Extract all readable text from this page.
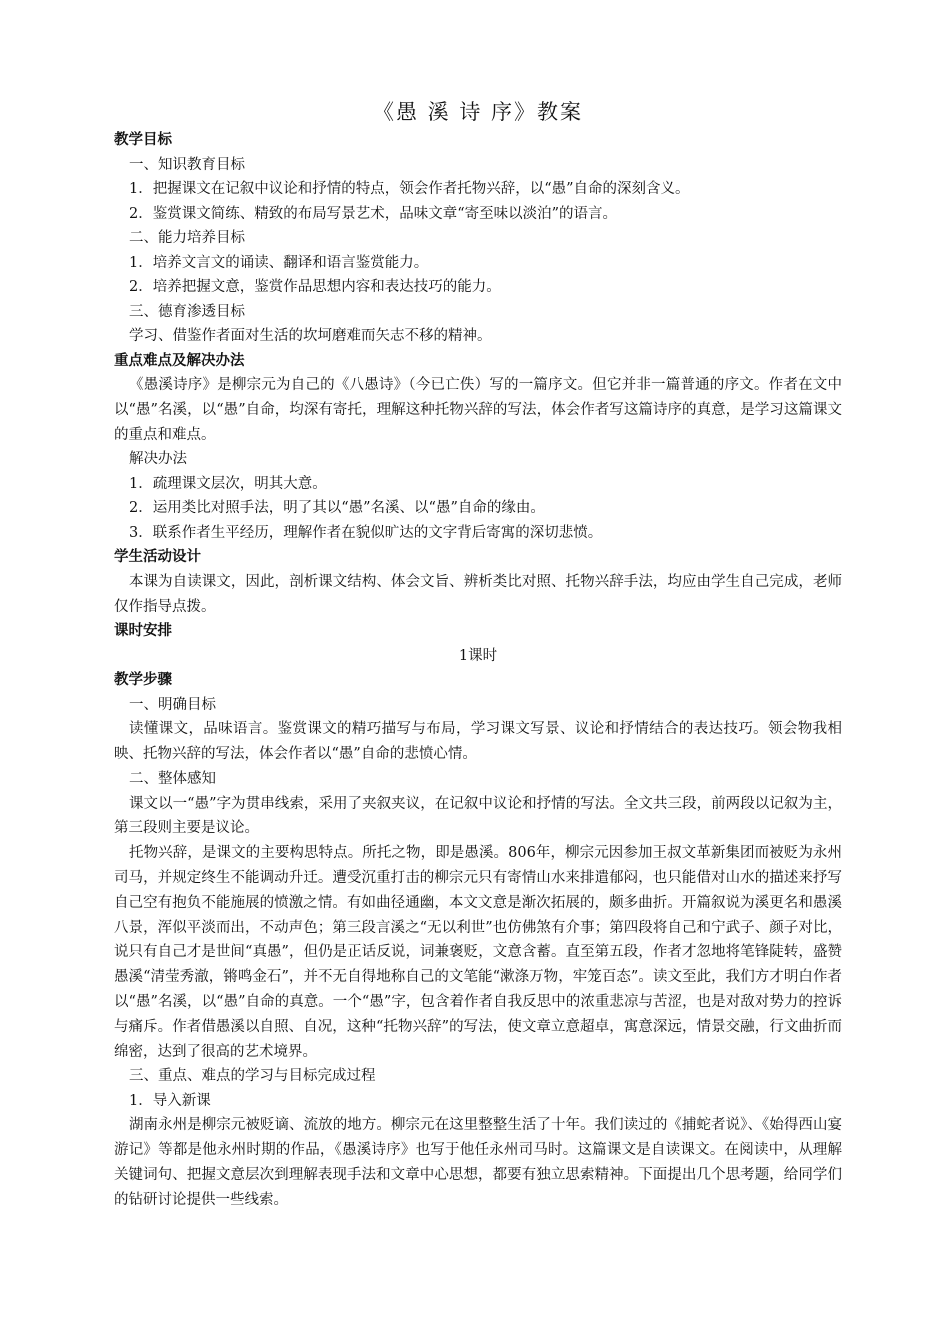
《愚 溪 诗 序》教案
教学目标
一、知识教育目标
1．把握课文在记叙中议论和抒情的特点，领会作者托物兴辞，以“愚”自命的深刻含义。
2．鉴赏课文简练、精致的布局写景艺术，品味文章“寄至味以淡泊”的语言。
二、能力培养目标
1．培养文言文的诵读、翻译和语言鉴赏能力。
2．培养把握文意，鉴赏作品思想内容和表达技巧的能力。
三、德育渗透目标
学习、借鉴作者面对生活的坎坷磨难而矢志不移的精神。
重点难点及解决办法
《愚溪诗序》是柳宗元为自己的《八愚诗》（今已亡佚）写的一篇序文。但它并非一篇普通的序文。作者在文中以“愚”名溪，以“愚”自命，均深有寄托，理解这种托物兴辞的写法，体会作者写这篇诗序的真意，是学习这篇课文的重点和难点。
解决办法
1．疏理课文层次，明其大意。
2．运用类比对照手法，明了其以“愚”名溪、以“愚”自命的缘由。
3．联系作者生平经历，理解作者在貌似旷达的文字背后寄寓的深切悲愤。
学生活动设计
本课为自读课文，因此，剖析课文结构、体会文旨、辨析类比对照、托物兴辞手法，均应由学生自己完成，老师仅作指导点拨。
课时安排
1课时
教学步骤
一、明确目标
读懂课文，品味语言。鉴赏课文的精巧描写与布局，学习课文写景、议论和抒情结合的表达技巧。领会物我相映、托物兴辞的写法，体会作者以“愚”自命的悲愤心情。
二、整体感知
课文以一“愚”字为贯串线索，采用了夹叙夹议，在记叙中议论和抒情的写法。全文共三段，前两段以记叙为主，第三段则主要是议论。
托物兴辞，是课文的主要构思特点。所托之物，即是愚溪。806年，柳宗元因参加王叔文革新集团而被贬为永州司马，并规定终生不能调动升迁。遭受沉重打击的柳宗元只有寄情山水来排遣郁闷，也只能借对山水的描述来抒写自己空有抱负不能施展的愤激之情。有如曲径通幽，本文文意是渐次拓展的，颇多曲折。开篇叙说为溪更名和愚溪八景，浑似平淡而出，不动声色；第三段言溪之“无以利世”也仿佛煞有介事；第四段将自己和宁武子、颜子对比，说只有自己才是世间“真愚”，但仍是正话反说，词兼褒贬，文意含蓄。直至第五段，作者才忽地将笔锋陡转，盛赞愚溪“清莹秀澈，锵鸣金石”，并不无自得地称自己的文笔能“漱涤万物，牢笼百态”。读文至此，我们方才明白作者以“愚”名溪，以“愚”自命的真意。一个“愚”字，包含着作者自我反思中的浓重悲凉与苦涩，也是对敌对势力的控诉与痛斥。作者借愚溪以自照、自况，这种“托物兴辞”的写法，使文章立意超卓，寓意深远，情景交融，行文曲折而绵密，达到了很高的艺术境界。
三、重点、难点的学习与目标完成过程
1．导入新课
湖南永州是柳宗元被贬谪、流放的地方。柳宗元在这里整整生活了十年。我们读过的《捕蛇者说》、《始得西山宴游记》等都是他永州时期的作品，《愚溪诗序》也写于他任永州司马时。这篇课文是自读课文。在阅读中，从理解关键词句、把握文意层次到理解表现手法和文章中心思想，都要有独立思索精神。下面提出几个思考题，给同学们的钻研讨论提供一些线索。
